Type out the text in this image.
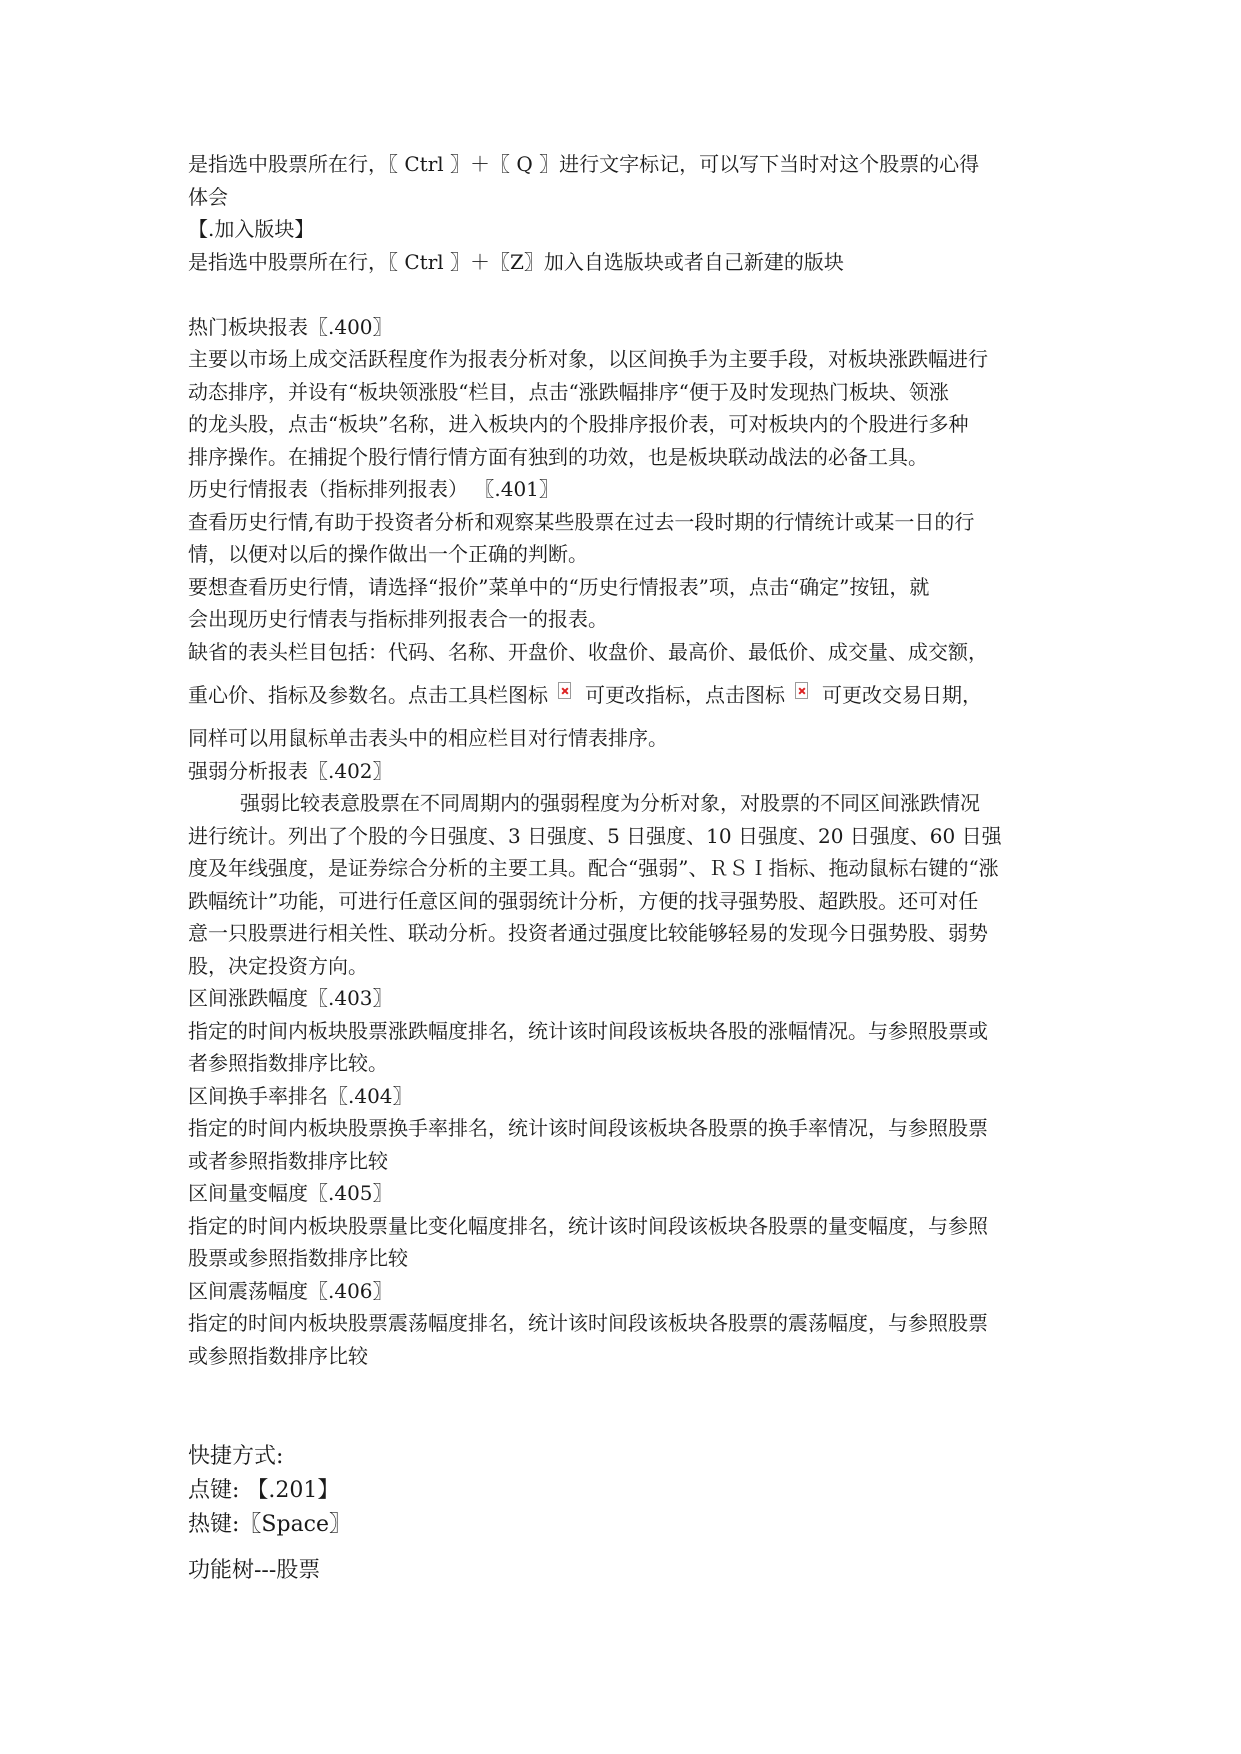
是指选中股票所在行，〖 Ctrl 〗＋〖 Q 〗进行文字标记，可以写下当时对这个股票的心得
体会
【.加入版块】
是指选中股票所在行，〖 Ctrl 〗＋〖Z〗加入自选版块或者自己新建的版块
热门板块报表〖.400〗
主要以市场上成交活跃程度作为报表分析对象，以区间换手为主要手段，对板块涨跌幅进行
动态排序，并设有“板块领涨股“栏目，点击“涨跌幅排序“便于及时发现热门板块、领涨
的龙头股，点击“板块”名称，进入板块内的个股排序报价表，可对板块内的个股进行多种
排序操作。在捕捉个股行情行情方面有独到的功效，也是板块联动战法的必备工具。
历史行情报表（指标排列报表） 〖.401〗
查看历史行情,有助于投资者分析和观察某些股票在过去一段时期的行情统计或某一日的行
情，以便对以后的操作做出一个正确的判断。
要想查看历史行情，请选择“报价”菜单中的“历史行情报表”项，点击“确定”按钮，就
会出现历史行情表与指标排列报表合一的报表。
缺省的表头栏目包括：代码、名称、开盘价、收盘价、最高价、最低价、成交量、成交额，
重心价、指标及参数名。点击工具栏图标 可更改指标，点击图标 可更改交易日期，
同样可以用鼠标单击表头中的相应栏目对行情表排序。
强弱分析报表〖.402〗
强弱比较表意股票在不同周期内的强弱程度为分析对象，对股票的不同区间涨跌情况
进行统计。列出了个股的今日强度、3 日强度、5 日强度、10 日强度、20 日强度、60 日强
度及年线强度，是证券综合分析的主要工具。配合“强弱”、ＲＳＩ指标、拖动鼠标右键的“涨
跌幅统计”功能，可进行任意区间的强弱统计分析，方便的找寻强势股、超跌股。还可对任
意一只股票进行相关性、联动分析。投资者通过强度比较能够轻易的发现今日强势股、弱势
股，决定投资方向。
区间涨跌幅度〖.403〗
指定的时间内板块股票涨跌幅度排名，统计该时间段该板块各股的涨幅情况。与参照股票或
者参照指数排序比较。
区间换手率排名〖.404〗
指定的时间内板块股票换手率排名，统计该时间段该板块各股票的换手率情况，与参照股票
或者参照指数排序比较
区间量变幅度〖.405〗
指定的时间内板块股票量比变化幅度排名，统计该时间段该板块各股票的量变幅度，与参照
股票或参照指数排序比较
区间震荡幅度〖.406〗
指定的时间内板块股票震荡幅度排名，统计该时间段该板块各股票的震荡幅度，与参照股票
或参照指数排序比较
快捷方式:
点键: 【.201】
热键:〖Space〗
功能树---股票
